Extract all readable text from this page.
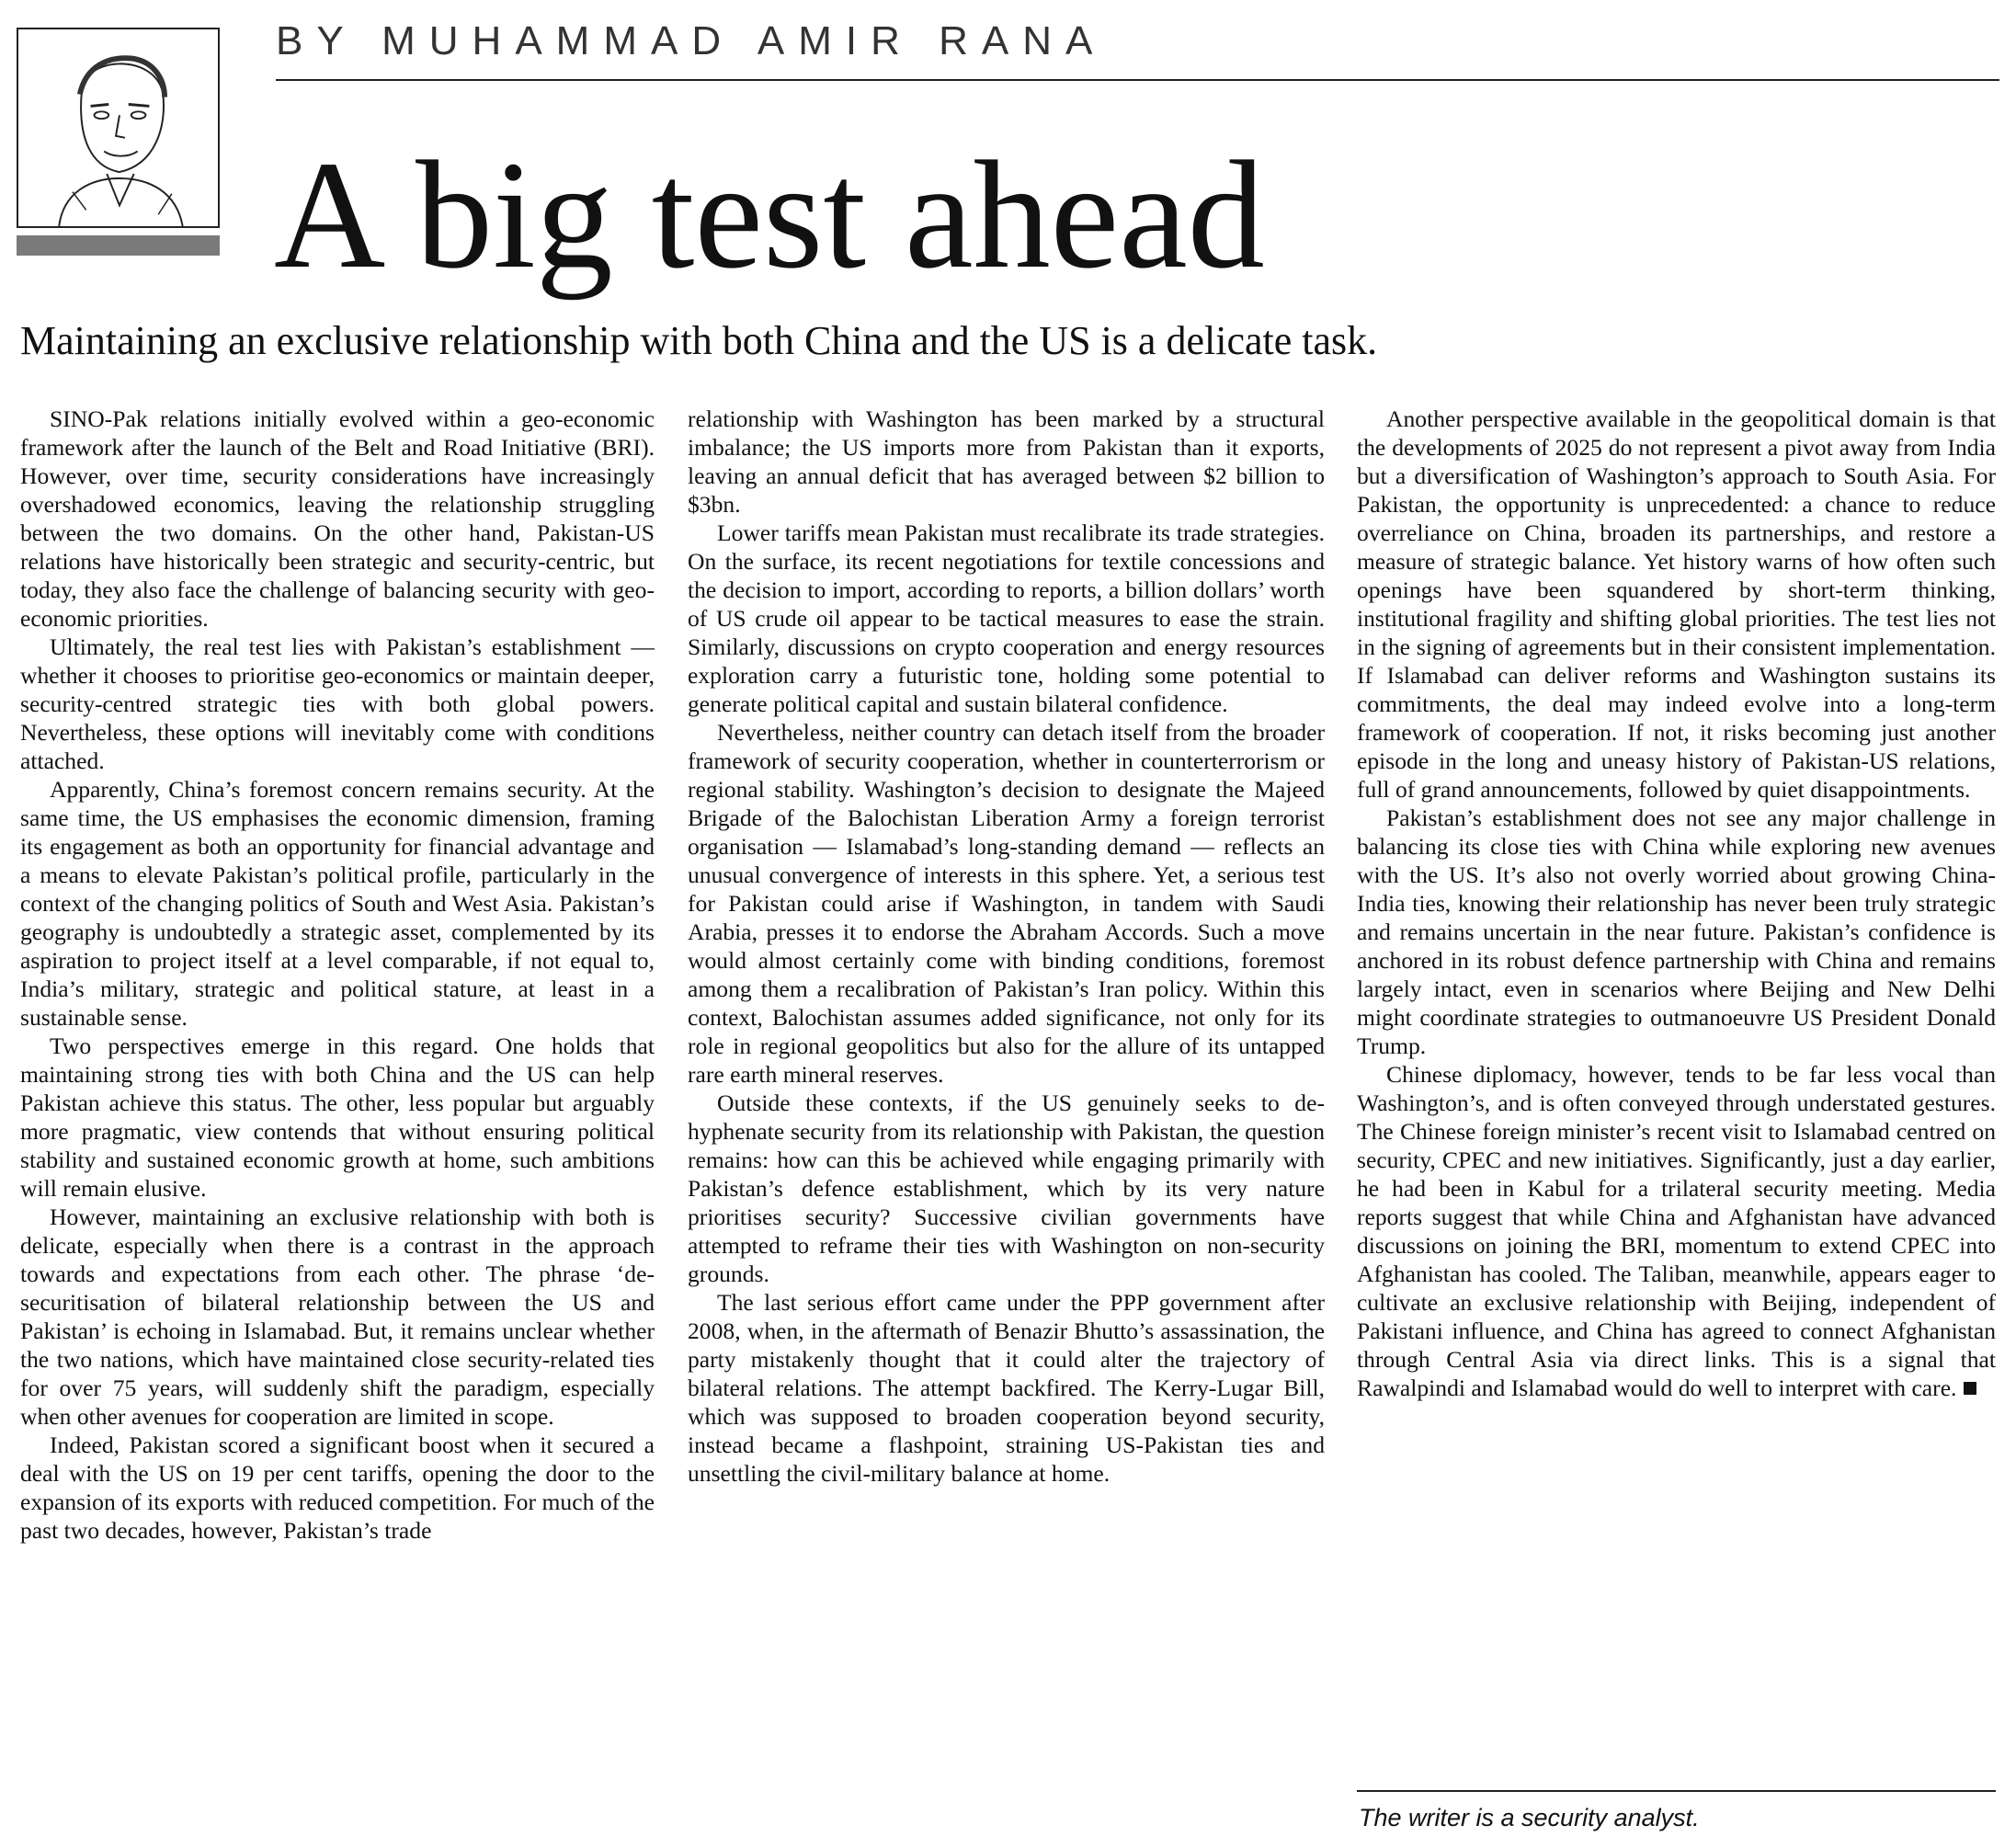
BY MUHAMMAD AMIR RANA
A big test ahead
Maintaining an exclusive relationship with both China and the US is a delicate task.

SINO-Pak relations initially evolved within a geo-economic framework after the launch of the Belt and Road Initiative (BRI). However, over time, security considerations have increasingly overshadowed economics, leaving the relationship struggling between the two domains. On the other hand, Pakistan-US relations have historically been strategic and security-centric, but today, they also face the challenge of balancing security with geo-economic priorities.

Ultimately, the real test lies with Pakistan’s establishment — whether it chooses to prioritise geo-economics or maintain deeper, security-centred strategic ties with both global powers. Nevertheless, these options will inevitably come with conditions attached.

Apparently, China’s foremost concern remains security. At the same time, the US emphasises the economic dimension, framing its engagement as both an opportunity for financial advantage and a means to elevate Pakistan’s political profile, particularly in the context of the changing politics of South and West Asia. Pakistan’s geography is undoubtedly a strategic asset, complemented by its aspiration to project itself at a level comparable, if not equal to, India’s military, strategic and political stature, at least in a sustainable sense.

Two perspectives emerge in this regard. One holds that maintaining strong ties with both China and the US can help Pakistan achieve this status. The other, less popular but arguably more pragmatic, view contends that without ensuring political stability and sustained economic growth at home, such ambitions will remain elusive.

However, maintaining an exclusive relationship with both is delicate, especially when there is a contrast in the approach towards and expectations from each other. The phrase ‘de-securitisation of bilateral relationship between the US and Pakistan’ is echoing in Islamabad. But, it remains unclear whether the two nations, which have maintained close security-related ties for over 75 years, will suddenly shift the paradigm, especially when other avenues for cooperation are limited in scope.

Indeed, Pakistan scored a significant boost when it secured a deal with the US on 19 per cent tariffs, opening the door to the expansion of its exports with reduced competition. For much of the past two decades, however, Pakistan’s trade

relationship with Washington has been marked by a structural imbalance; the US imports more from Pakistan than it exports, leaving an annual deficit that has averaged between $2 billion to $3bn.

Lower tariffs mean Pakistan must recalibrate its trade strategies. On the surface, its recent negotiations for textile concessions and the decision to import, according to reports, a billion dollars’ worth of US crude oil appear to be tactical measures to ease the strain. Similarly, discussions on crypto cooperation and energy resources exploration carry a futuristic tone, holding some potential to generate political capital and sustain bilateral confidence.

Nevertheless, neither country can detach itself from the broader framework of security cooperation, whether in counterterrorism or regional stability. Washington’s decision to designate the Majeed Brigade of the Balochistan Liberation Army a foreign terrorist organisation — Islamabad’s long-standing demand — reflects an unusual convergence of interests in this sphere. Yet, a serious test for Pakistan could arise if Washington, in tandem with Saudi Arabia, presses it to endorse the Abraham Accords. Such a move would almost certainly come with binding conditions, foremost among them a recalibration of Pakistan’s Iran policy. Within this context, Balochistan assumes added significance, not only for its role in regional geopolitics but also for the allure of its untapped rare earth mineral reserves.

Outside these contexts, if the US genuinely seeks to de-hyphenate security from its relationship with Pakistan, the question remains: how can this be achieved while engaging primarily with Pakistan’s defence establishment, which by its very nature prioritises security? Successive civilian governments have attempted to reframe their ties with Washington on non-security grounds.

The last serious effort came under the PPP government after 2008, when, in the aftermath of Benazir Bhutto’s assassination, the party mistakenly thought that it could alter the trajectory of bilateral relations. The attempt backfired. The Kerry-Lugar Bill, which was supposed to broaden cooperation beyond security, instead became a flashpoint, straining US-Pakistan ties and unsettling the civil-military balance at home.

Another perspective available in the geopolitical domain is that the developments of 2025 do not represent a pivot away from India but a diversification of Washington’s approach to South Asia. For Pakistan, the opportunity is unprecedented: a chance to reduce overreliance on China, broaden its partnerships, and restore a measure of strategic balance. Yet history warns of how often such openings have been squandered by short-term thinking, institutional fragility and shifting global priorities. The test lies not in the signing of agreements but in their consistent implementation. If Islamabad can deliver reforms and Washington sustains its commitments, the deal may indeed evolve into a long-term framework of cooperation. If not, it risks becoming just another episode in the long and uneasy history of Pakistan-US relations, full of grand announcements, followed by quiet disappointments.

Pakistan’s establishment does not see any major challenge in balancing its close ties with China while exploring new avenues with the US. It’s also not overly worried about growing China-India ties, knowing their relationship has never been truly strategic and remains uncertain in the near future. Pakistan’s confidence is anchored in its robust defence partnership with China and remains largely intact, even in scenarios where Beijing and New Delhi might coordinate strategies to outmanoeuvre US President Donald Trump.

Chinese diplomacy, however, tends to be far less vocal than Washington’s, and is often conveyed through understated gestures. The Chinese foreign minister’s recent visit to Islamabad centred on security, CPEC and new initiatives. Significantly, just a day earlier, he had been in Kabul for a trilateral security meeting. Media reports suggest that while China and Afghanistan have advanced discussions on joining the BRI, momentum to extend CPEC into Afghanistan has cooled. The Taliban, meanwhile, appears eager to cultivate an exclusive relationship with Beijing, independent of Pakistani influence, and China has agreed to connect Afghanistan through Central Asia via direct links. This is a signal that Rawalpindi and Islamabad would do well to interpret with care.

The writer is a security analyst.
